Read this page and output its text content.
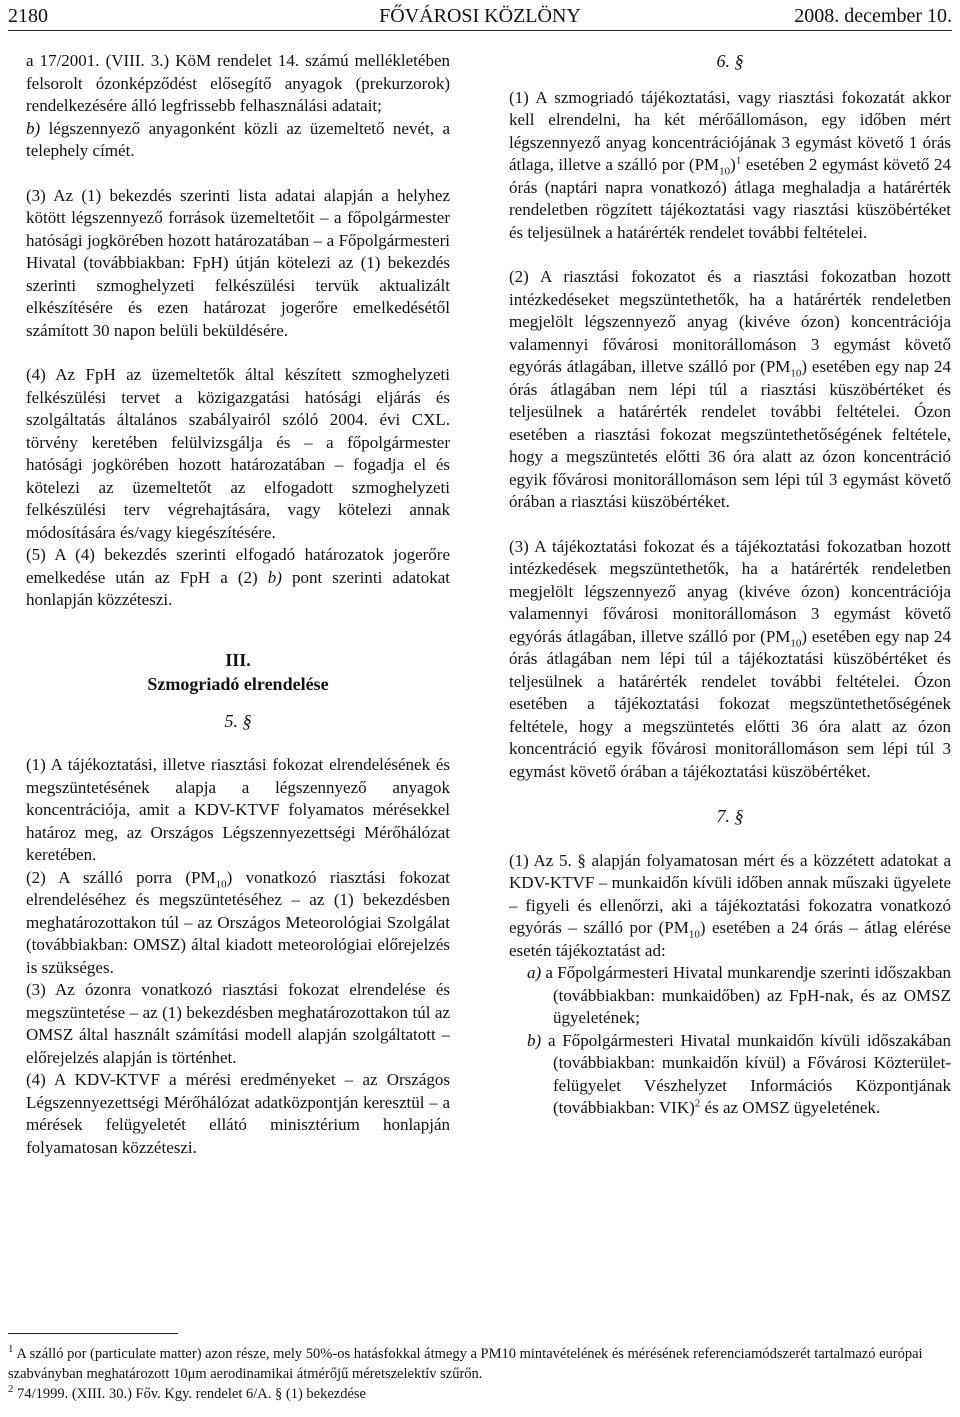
2180	FŐVÁROSI KÖZLÖNY	2008. december 10.

a 17/2001. (VIII. 3.) KöM rendelet 14. számú mellékletében felsorolt ózonképződést elősegítő anyagok (prekurzorok) rendelkezésére álló legfrissebb felhasználási adatait;

b) légszennyező anyagonként közli az üzemeltető nevét, a telephely címét.

(3) Az (1) bekezdés szerinti lista adatai alapján a helyhez kötött légszennyező források üzemeltetőit – a főpolgármester hatósági jogkörében hozott határozatában – a Főpolgármesteri Hivatal (továbbiakban: FpH) útján kötelezi az (1) bekezdés szerinti szmoghelyzeti felkészülési tervük aktualizált elkészítésére és ezen határozat jogerőre emelkedésétől számított 30 napon belüli beküldésére.

(4) Az FpH az üzemeltetők által készített szmoghelyzeti felkészülési tervet a közigazgatási hatósági eljárás és szolgáltatás általános szabályairól szóló 2004. évi CXL. törvény keretében felülvizsgálja és – a főpolgármester hatósági jogkörében hozott határozatában – fogadja el és kötelezi az üzemeltetőt az elfogadott szmoghelyzeti felkészülési terv végrehajtására, vagy kötelezi annak módosítására és/vagy kiegészítésére.

(5) A (4) bekezdés szerinti elfogadó határozatok jogerőre emelkedése után az FpH a (2) b) pont szerinti adatokat honlapján közzéteszi.

III.

Szmogriadó elrendelése

5. §

(1) A tájékoztatási, illetve riasztási fokozat elrendelésének és megszüntetésének alapja a légszennyező anyagok koncentrációja, amit a KDV-KTVF folyamatos mérésekkel határoz meg, az Országos Légszennyezettségi Mérőhálózat keretében.

(2) A szálló porra $(PM_{10})$ vonatkozó riasztási fokozat elrendeléséhez és megszüntetéséhez – az (1) bekezdésben meghatározottakon túl – az Országos Meteorológiai Szolgálat (továbbiakban: OMSZ) által kiadott meteorológiai előrejelzés is szükséges.

(3) Az ózonra vonatkozó riasztási fokozat elrendelése és megszüntetése – az (1) bekezdésben meghatározottakon túl az OMSZ által használt számítási modell alapján szolgáltatott – előrejelzés alapján is történhet.

(4) A KDV-KTVF a mérési eredményeket – az Országos Légszennyezettségi Mérőhálózat adatközpontján keresztül – a mérések felügyeletét ellátó minisztérium honlapján folyamatosan közzéteszi.

6. §

(1) A szmogriadó tájékoztatási, vagy riasztási fokozatát akkor kell elrendelni, ha két mérőállomáson, egy időben mért légszennyező anyag koncentrációjának 3 egymást követő 1 órás átlaga, illetve a szálló por $(PM_{10})^1$ esetében 2 egymást követő 24 órás (naptári napra vonatkozó) átlaga meghaladja a határérték rendeletben rögzített tájékoztatási vagy riasztási küszöbértéket és teljesülnek a határérték rendelet további feltételei.

(2) A riasztási fokozatot és a riasztási fokozatban hozott intézkedéseket megszüntethetők, ha a határérték rendeletben megjelölt légszennyező anyag (kivéve ózon) koncentrációja valamennyi fővárosi monitorállomáson 3 egymást követő egyórás átlagában, illetve szálló por $(PM_{10})$ esetében egy nap 24 órás átlagában nem lépi túl a riasztási küszöbértéket és teljesülnek a határérték rendelet további feltételei. Ózon esetében a riasztási fokozat megszüntethetőségének feltétele, hogy a megszüntetés előtti 36 óra alatt az ózon koncentráció egyik fővárosi monitorállomáson sem lépi túl 3 egymást követő órában a riasztási küszöbértéket.

(3) A tájékoztatási fokozat és a tájékoztatási fokozatban hozott intézkedések megszüntethetők, ha a határérték rendeletben megjelölt légszennyező anyag (kivéve ózon) koncentrációja valamennyi fővárosi monitorállomáson 3 egymást követő egyórás átlagában, illetve szálló por $(PM_{10})$ esetében egy nap 24 órás átlagában nem lépi túl a tájékoztatási küszöbértéket és teljesülnek a határérték rendelet további feltételei. Ózon esetében a tájékoztatási fokozat megszüntethetőségének feltétele, hogy a megszüntetés előtti 36 óra alatt az ózon koncentráció egyik fővárosi monitorállomáson sem lépi túl 3 egymást követő órában a tájékoztatási küszöbértéket.

7. §

(1) Az 5. § alapján folyamatosan mért és a közzétett adatokat a KDV-KTVF – munkaidőn kívüli időben annak műszaki ügyelete – figyeli és ellenőrzi, aki a tájékoztatási fokozatra vonatkozó egyórás – szálló por $(PM_{10})$ esetében a 24 órás – átlag elérése esetén tájékoztatást ad:

a) a Főpolgármesteri Hivatal munkarendje szerinti időszakban (továbbiakban: munkaidőben) az FpH-nak, és az OMSZ ügyeletének;

b) a Főpolgármesteri Hivatal munkaidőn kívüli időszakában (továbbiakban: munkaidőn kívül) a Fővárosi Közterület-felügyelet Vészhelyzet Információs Központjának (továbbiakban: VIK)$^2$ és az OMSZ ügyeletének.

$^1$ A szálló por (particulate matter) azon része, mely 50%-os hatásfokkal átmegy a PM10 mintavételének és mérésének referenciamódszerét tartalmazó európai szabványban meghatározott 10μm aerodinamikai átmérőjű méretszelektív szűrőn.

$^2$ 74/1999. (XIII. 30.) Főv. Kgy. rendelet 6/A. § (1) bekezdése
